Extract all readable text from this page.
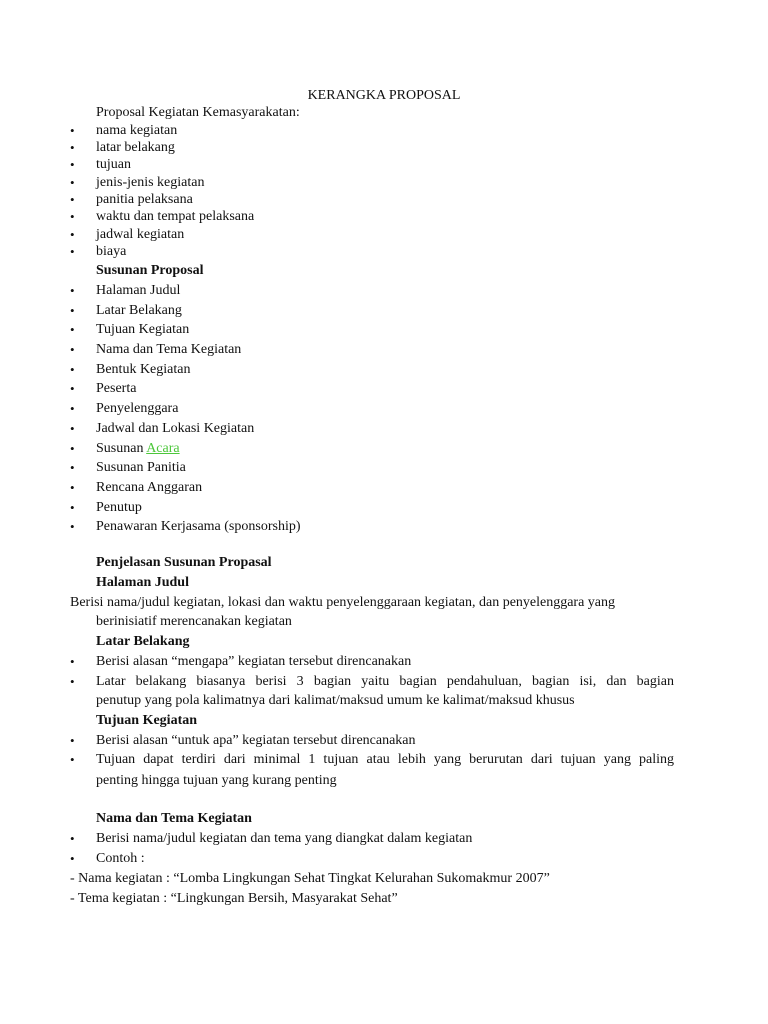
KERANGKA PROPOSAL
Proposal Kegiatan Kemasyarakatan:
• nama kegiatan
• latar belakang
• tujuan
• jenis-jenis kegiatan
• panitia pelaksana
• waktu dan tempat pelaksana
• jadwal kegiatan
• biaya
Susunan Proposal
• Halaman Judul
• Latar Belakang
• Tujuan Kegiatan
• Nama dan Tema Kegiatan
• Bentuk Kegiatan
• Peserta
• Penyelenggara
• Jadwal dan Lokasi Kegiatan
• Susunan Acara
• Susunan Panitia
• Rencana Anggaran
• Penutup
• Penawaran Kerjasama (sponsorship)
Penjelasan Susunan Propasal
Halaman Judul
Berisi nama/judul kegiatan, lokasi dan waktu penyelenggaraan kegiatan, dan penyelenggara yang
berinisiatif merencanakan kegiatan
Latar Belakang
• Berisi alasan “mengapa” kegiatan tersebut direncanakan
• Latar belakang biasanya berisi 3 bagian yaitu bagian pendahuluan, bagian isi, dan bagian
penutup yang pola kalimatnya dari kalimat/maksud umum ke kalimat/maksud khusus
Tujuan Kegiatan
• Berisi alasan “untuk apa” kegiatan tersebut direncanakan
• Tujuan dapat terdiri dari minimal 1 tujuan atau lebih yang berurutan dari tujuan yang paling
penting hingga tujuan yang kurang penting
Nama dan Tema Kegiatan
• Berisi nama/judul kegiatan dan tema yang diangkat dalam kegiatan
• Contoh :
- Nama kegiatan : “Lomba Lingkungan Sehat Tingkat Kelurahan Sukomakmur 2007”
- Tema kegiatan : “Lingkungan Bersih, Masyarakat Sehat”
